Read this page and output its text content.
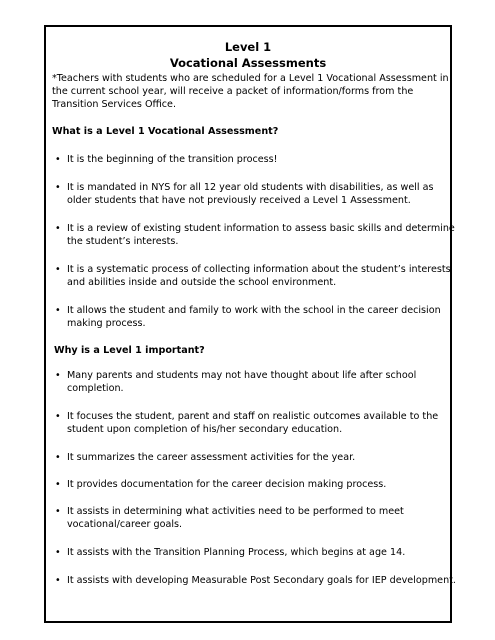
Level 1
Vocational Assessments
*Teachers with students who are scheduled for a Level 1 Vocational Assessment in
the current school year, will receive a packet of information/forms from the
Transition Services Office.
What is a Level 1 Vocational Assessment?
• It is the beginning of the transition process!
• It is mandated in NYS for all 12 year old students with disabilities, as well as
older students that have not previously received a Level 1 Assessment.
• It is a review of existing student information to assess basic skills and determine
the student’s interests.
• It is a systematic process of collecting information about the student’s interests
and abilities inside and outside the school environment.
• It allows the student and family to work with the school in the career decision
making process.
Why is a Level 1 important?
• Many parents and students may not have thought about life after school
completion.
• It focuses the student, parent and staff on realistic outcomes available to the
student upon completion of his/her secondary education.
• It summarizes the career assessment activities for the year.
• It provides documentation for the career decision making process.
• It assists in determining what activities need to be performed to meet
vocational/career goals.
• It assists with the Transition Planning Process, which begins at age 14.
• It assists with developing Measurable Post Secondary goals for IEP development.
